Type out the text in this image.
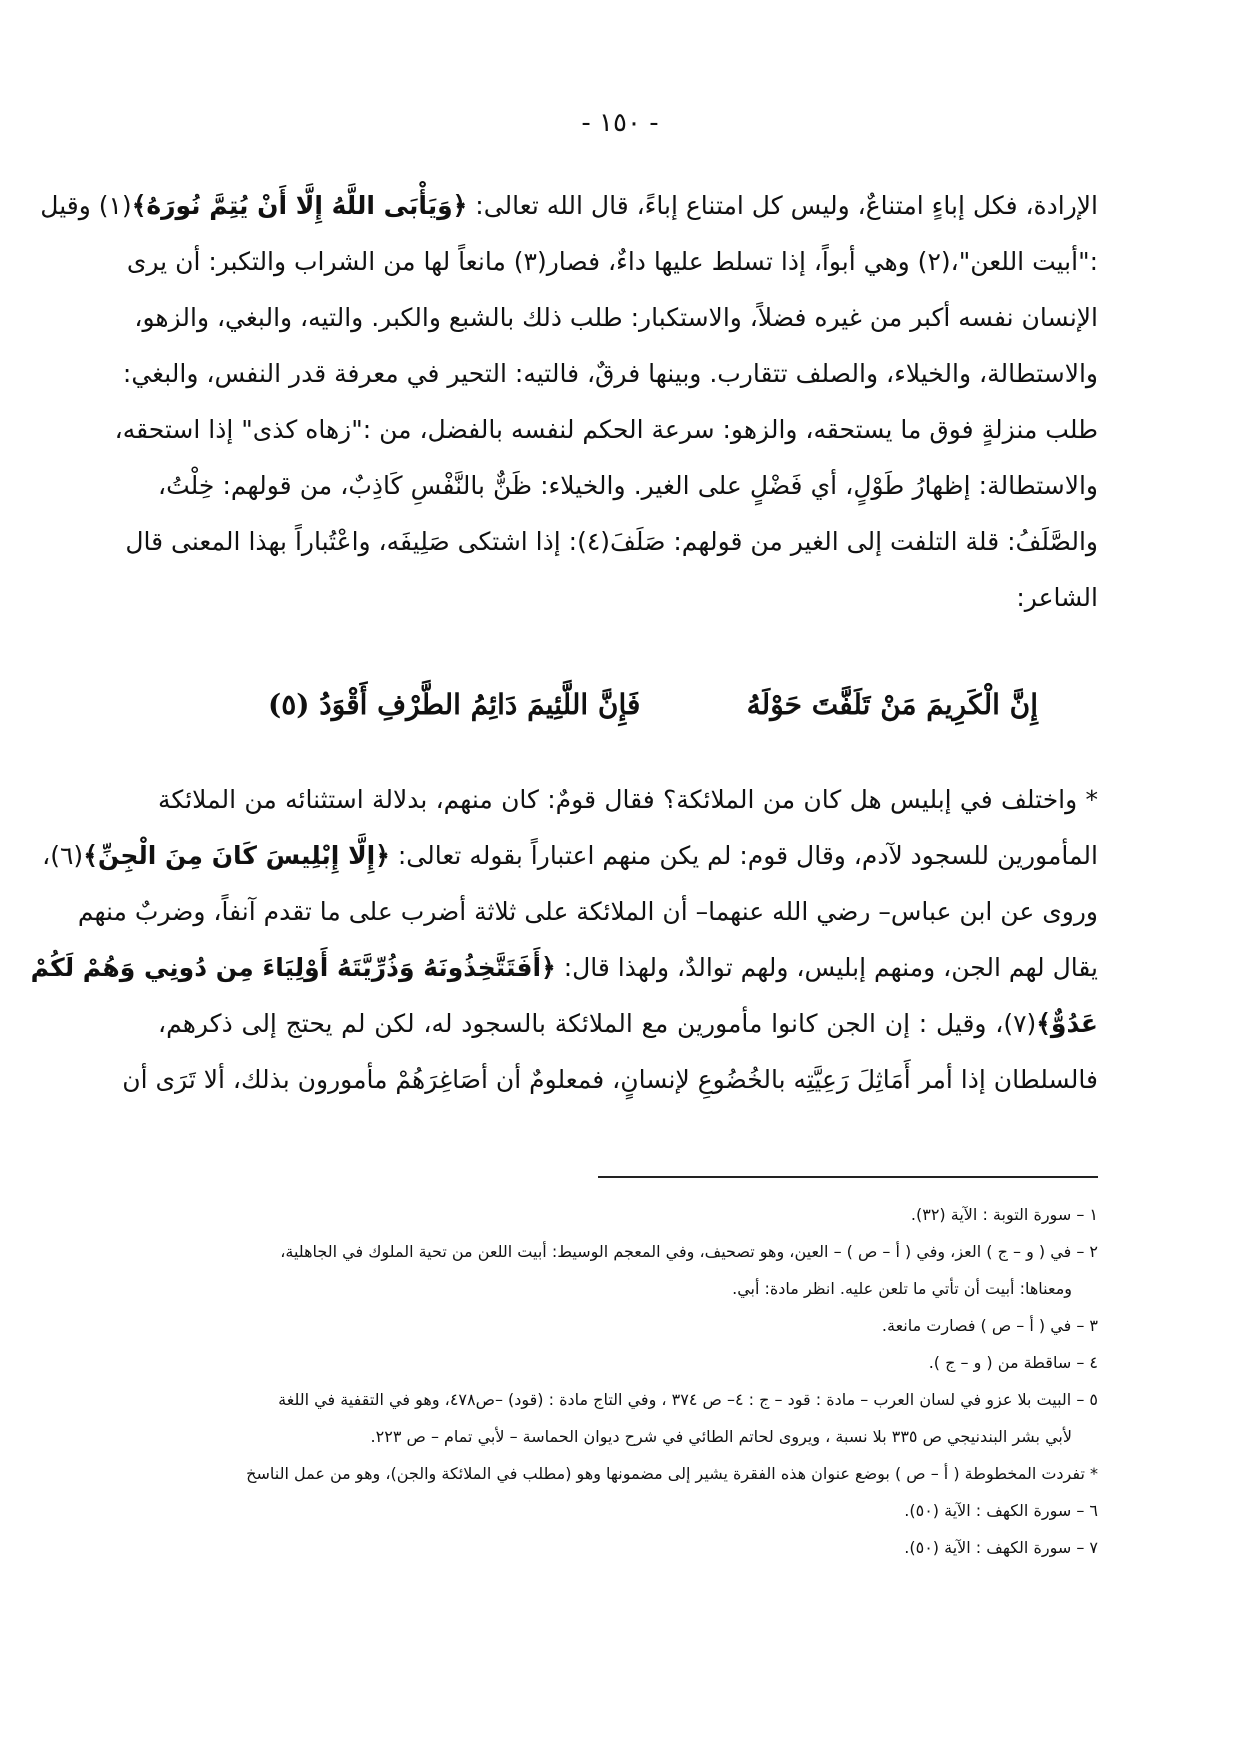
- ١٥٠ -
الإرادة، فكل إباءٍ امتناعٌ، وليس كل امتناع إباءً، قال الله تعالى: ﴿وَيَأْبَى اللَّهُ إِلَّا أَنْ يُتِمَّ نُورَهُ﴾(١) وقيل
:"أبيت اللعن"،(٢) وهي أبواً، إذا تسلط عليها داءٌ، فصار(٣) مانعاً لها من الشراب والتكبر: أن يرى
الإنسان نفسه أكبر من غيره فضلاً، والاستكبار: طلب ذلك بالشبع والكبر. والتيه، والبغي، والزهو،
والاستطالة، والخيلاء، والصلف تتقارب. وبينها فرقٌ، فالتيه: التحير في معرفة قدر النفس، والبغي:
طلب منزلةٍ فوق ما يستحقه، والزهو: سرعة الحكم لنفسه بالفضل، من :"زهاه كذى" إذا استحقه،
والاستطالة: إظهارُ طَوْلٍ، أي فَضْلٍ على الغير. والخيلاء: ظَنٌّ بالنَّفْسِ كَاذِبٌ، من قولهم: خِلْتُ،
والصَّلَفُ: قلة التلفت إلى الغير من قولهم: صَلَفَ(٤): إذا اشتكى صَلِيفَه، واعْتُباراً بهذا المعنى قال
الشاعر:
إِنَّ الْكَرِيمَ مَنْ تَلَفَّتَ حَوْلَهُ
فَإِنَّ اللَّئِيمَ دَائِمُ الطَّرْفِ أَقْوَدُ (٥)
* واختلف في إبليس هل كان من الملائكة؟ فقال قومٌ: كان منهم، بدلالة استثنائه من الملائكة
المأمورين للسجود لآدم، وقال قوم: لم يكن منهم اعتباراً بقوله تعالى: ﴿إِلَّا إِبْلِيسَ كَانَ مِنَ الْجِنِّ﴾(٦)،
وروى عن ابن عباس– رضي الله عنهما– أن الملائكة على ثلاثة أضرب على ما تقدم آنفاً، وضربٌ منهم
يقال لهم الجن، ومنهم إبليس، ولهم توالدٌ، ولهذا قال: ﴿أَفَتَتَّخِذُونَهُ وَذُرِّيَّتَهُ أَوْلِيَاءَ مِن دُونِي وَهُمْ لَكُمْ
عَدُوٌّ﴾(٧)، وقيل : إن الجن كانوا مأمورين مع الملائكة بالسجود له، لكن لم يحتج إلى ذكرهم،
فالسلطان إذا أمر أَمَاثِلَ رَعِيَّتِه بالخُضُوعِ لإنسانٍ، فمعلومٌ أن أصَاغِرَهُمْ مأمورون بذلك، ألا تَرَى أن
١ – سورة التوبة : الآية (٣٢).
٢ – في ( و – ج ) العز، وفي ( أ – ص ) – العين، وهو تصحيف، وفي المعجم الوسيط: أبيت اللعن من تحية الملوك في الجاهلية،
ومعناها: أبيت أن تأتي ما تلعن عليه. انظر مادة: أبي.
٣ – في ( أ – ص ) فصارت مانعة.
٤ – ساقطة من ( و – ج ).
٥ – البيت بلا عزو في لسان العرب – مادة : قود – ج : ٤– ص ٣٧٤ ، وفي التاج مادة : (قود) –ص٤٧٨، وهو في التقفية في اللغة
لأبي بشر البندنيجي ص ٣٣٥ بلا نسبة ، ويروى لحاتم الطائي في شرح ديوان الحماسة – لأبي تمام – ص ٢٢٣.
* تفردت المخطوطة ( أ – ص ) بوضع عنوان هذه الفقرة يشير إلى مضمونها وهو (مطلب في الملائكة والجن)، وهو من عمل الناسخ
٦ – سورة الكهف : الآية (٥٠).
٧ – سورة الكهف : الآية (٥٠).
